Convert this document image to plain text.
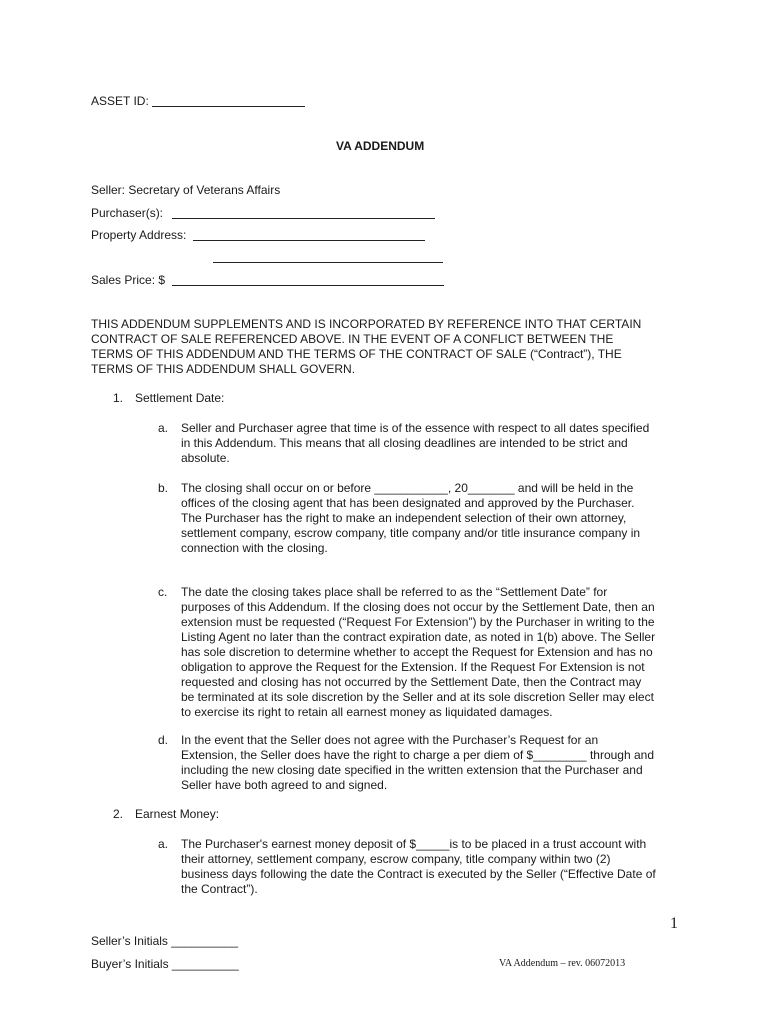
ASSET ID:
VA ADDENDUM
Seller: Secretary of Veterans Affairs
Purchaser(s):
Property Address:
Sales Price: $
THIS ADDENDUM SUPPLEMENTS AND IS INCORPORATED BY REFERENCE INTO THAT CERTAIN
CONTRACT OF SALE REFERENCED ABOVE. IN THE EVENT OF A CONFLICT BETWEEN THE
TERMS OF THIS ADDENDUM AND THE TERMS OF THE CONTRACT OF SALE (“Contract”), THE
TERMS OF THIS ADDENDUM SHALL GOVERN.
1. Settlement Date:
a. Seller and Purchaser agree that time is of the essence with respect to all dates specified
in this Addendum. This means that all closing deadlines are intended to be strict and
absolute.
b. The closing shall occur on or before ___________, 20_______ and will be held in the
offices of the closing agent that has been designated and approved by the Purchaser.
The Purchaser has the right to make an independent selection of their own attorney,
settlement company, escrow company, title company and/or title insurance company in
connection with the closing.
c. The date the closing takes place shall be referred to as the “Settlement Date” for
purposes of this Addendum. If the closing does not occur by the Settlement Date, then an
extension must be requested (“Request For Extension”) by the Purchaser in writing to the
Listing Agent no later than the contract expiration date, as noted in 1(b) above. The Seller
has sole discretion to determine whether to accept the Request for Extension and has no
obligation to approve the Request for the Extension. If the Request For Extension is not
requested and closing has not occurred by the Settlement Date, then the Contract may
be terminated at its sole discretion by the Seller and at its sole discretion Seller may elect
to exercise its right to retain all earnest money as liquidated damages.
d. In the event that the Seller does not agree with the Purchaser’s Request for an
Extension, the Seller does have the right to charge a per diem of $________ through and
including the new closing date specified in the written extension that the Purchaser and
Seller have both agreed to and signed.
2. Earnest Money:
a. The Purchaser's earnest money deposit of $_____is to be placed in a trust account with
their attorney, settlement company, escrow company, title company within two (2)
business days following the date the Contract is executed by the Seller (“Effective Date of
the Contract”).
1
Seller’s Initials __________
Buyer’s Initials __________	VA Addendum – rev. 06072013
